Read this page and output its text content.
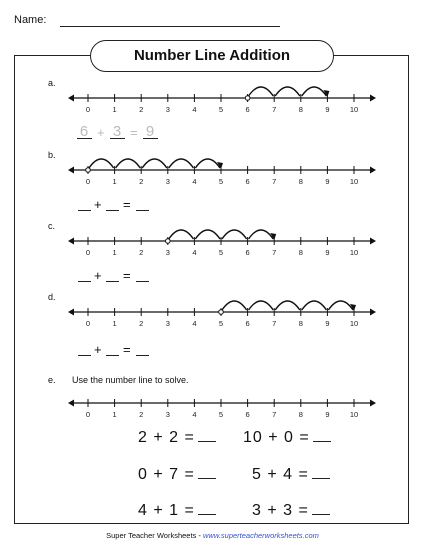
Name:
Number Line Addition
a.
b.
c.
d.
e. Use the number line to solve.
0	1	2	3	4	5	6	7	8	9	10
0	1	2	3	4	5	6	7	8	9	10
0	1	2	3	4	5	6	7	8	9	10
0	1	2	3	4	5	6	7	8	9	10
0	1	2	3	4	5	6	7	8	9	10
6 + 3 = 9
+ =
+ =
+ =
2 + 2 =	10 + 0 =
0 + 7 =	5 + 4 =
4 + 1 =	3 + 3 =
Super Teacher Worksheets - www.superteacherworksheets.com
